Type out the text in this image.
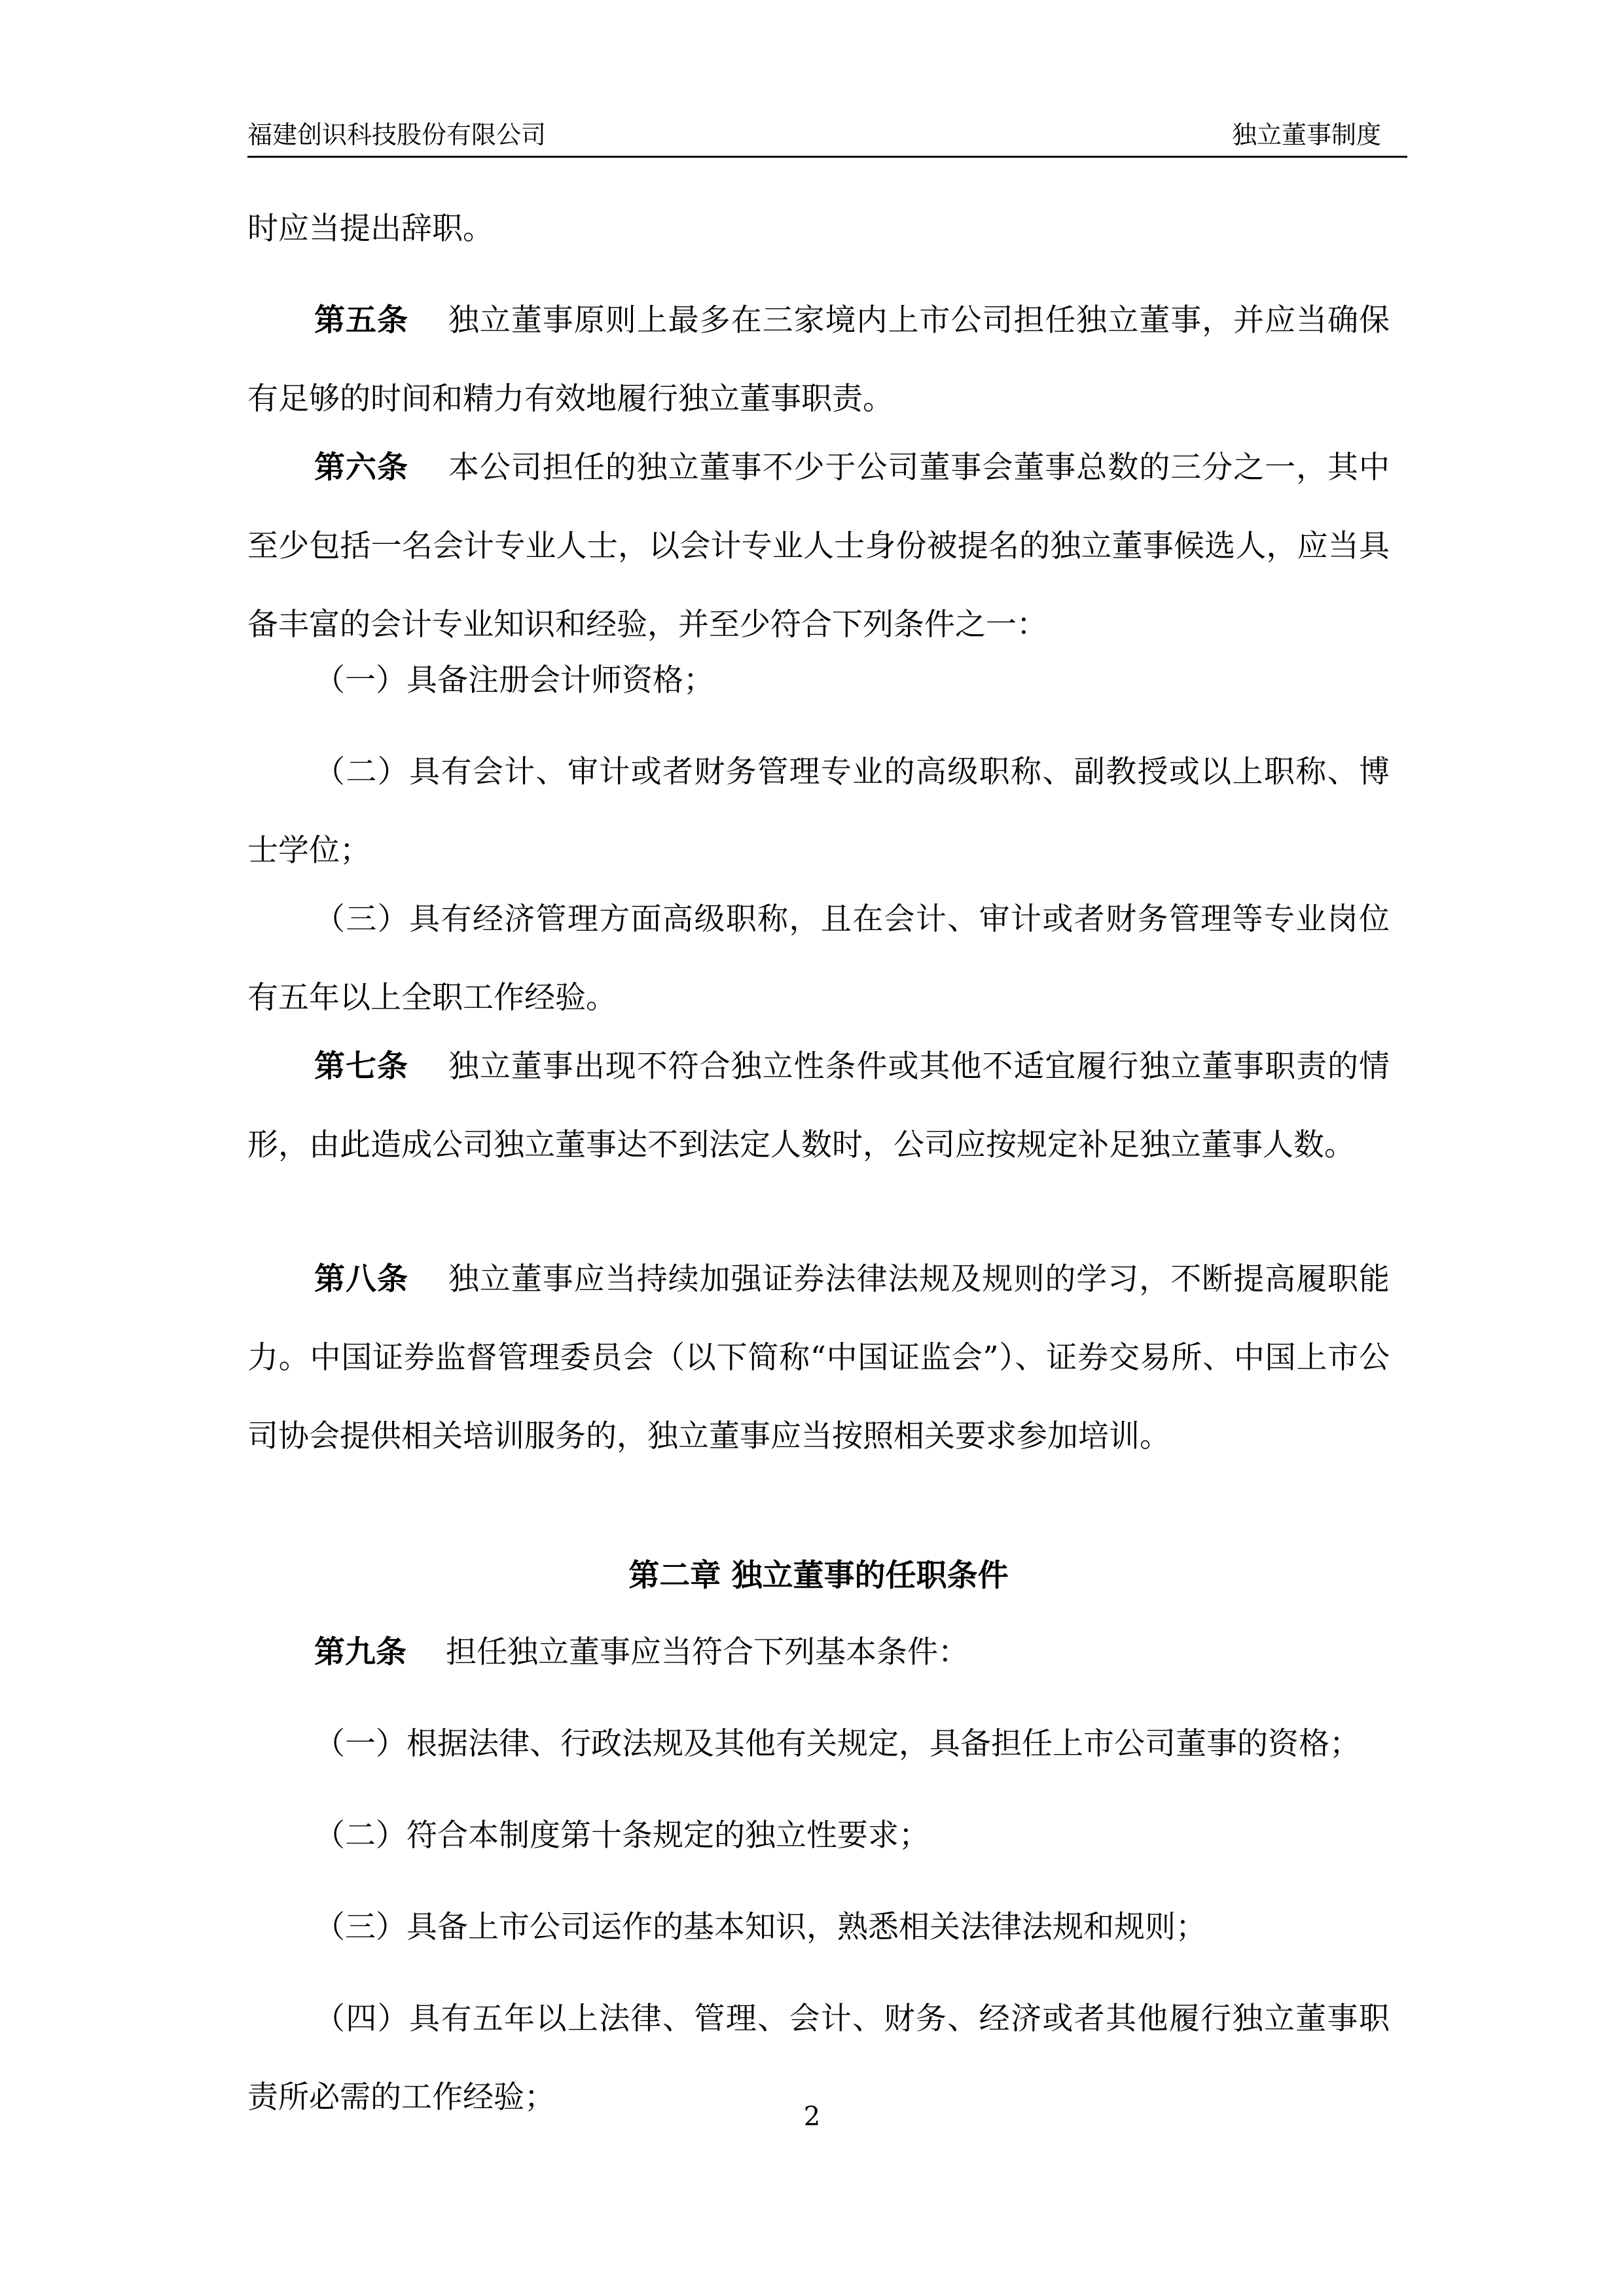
福建创识科技股份有限公司	独立董事制度

时应当提出辞职。

第五条 独立董事原则上最多在三家境内上市公司担任独立董事，并应当确保有足够的时间和精力有效地履行独立董事职责。

第六条 本公司担任的独立董事不少于公司董事会董事总数的三分之一，其中至少包括一名会计专业人士，以会计专业人士身份被提名的独立董事候选人，应当具备丰富的会计专业知识和经验，并至少符合下列条件之一：

（一）具备注册会计师资格；

（二）具有会计、审计或者财务管理专业的高级职称、副教授或以上职称、博士学位；

（三）具有经济管理方面高级职称，且在会计、审计或者财务管理等专业岗位有五年以上全职工作经验。

第七条 独立董事出现不符合独立性条件或其他不适宜履行独立董事职责的情形，由此造成公司独立董事达不到法定人数时，公司应按规定补足独立董事人数。

第八条 独立董事应当持续加强证券法律法规及规则的学习，不断提高履职能力。中国证券监督管理委员会（以下简称“中国证监会”）、证券交易所、中国上市公司协会提供相关培训服务的，独立董事应当按照相关要求参加培训。

第二章 独立董事的任职条件

第九条 担任独立董事应当符合下列基本条件：

（一）根据法律、行政法规及其他有关规定，具备担任上市公司董事的资格；

（二）符合本制度第十条规定的独立性要求；

（三）具备上市公司运作的基本知识，熟悉相关法律法规和规则；

（四）具有五年以上法律、管理、会计、财务、经济或者其他履行独立董事职责所必需的工作经验；

2
